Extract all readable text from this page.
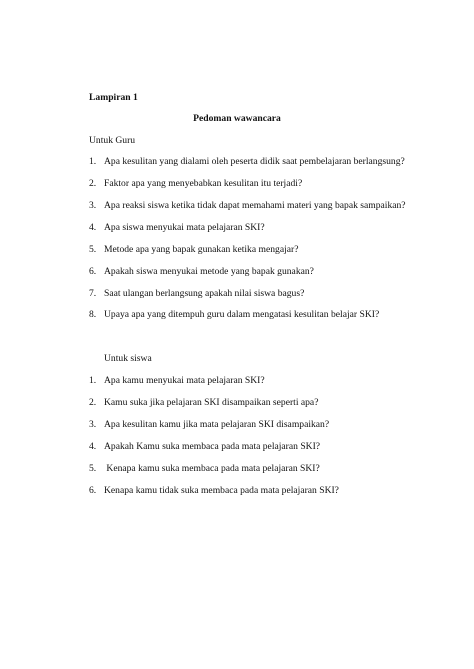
Lampiran 1
Pedoman wawancara
Untuk Guru
1. Apa kesulitan yang dialami oleh peserta didik saat pembelajaran berlangsung?
2. Faktor apa yang menyebabkan kesulitan itu terjadi?
3. Apa reaksi siswa ketika tidak dapat memahami materi yang bapak sampaikan?
4. Apa siswa menyukai mata pelajaran SKI?
5. Metode apa yang bapak gunakan ketika mengajar?
6. Apakah siswa menyukai metode yang bapak gunakan?
7. Saat ulangan berlangsung apakah nilai siswa bagus?
8. Upaya apa yang ditempuh guru dalam mengatasi kesulitan belajar SKI?
Untuk siswa
1. Apa kamu menyukai mata pelajaran SKI?
2. Kamu suka jika pelajaran SKI disampaikan seperti apa?
3. Apa kesulitan kamu jika mata pelajaran SKI disampaikan?
4. Apakah Kamu suka membaca pada mata pelajaran SKI?
5. Kenapa kamu suka membaca pada mata pelajaran SKI?
6. Kenapa kamu tidak suka membaca pada mata pelajaran SKI?
